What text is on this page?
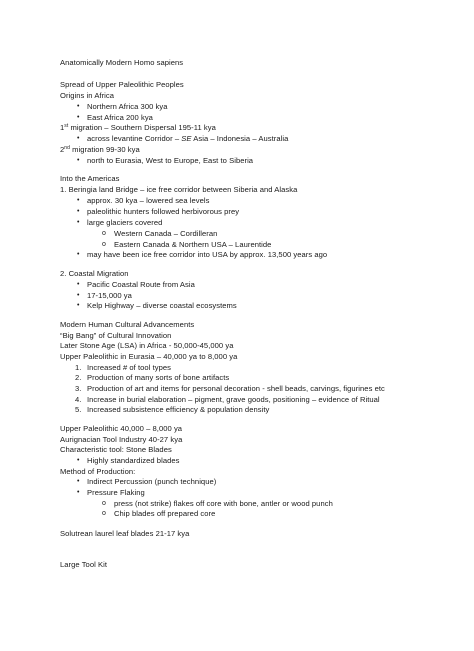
Anatomically Modern Homo sapiens
Spread of Upper Paleolithic Peoples
Origins in Africa
• Northern Africa 300 kya
• East Africa 200 kya
1st migration – Southern Dispersal 195-11 kya
• across levantine Corridor – SE Asia – Indonesia – Australia
2nd migration 99-30 kya
• north to Eurasia, West to Europe, East to Siberia
Into the Americas
1. Beringia land Bridge – ice free corridor between Siberia and Alaska
• approx. 30 kya – lowered sea levels
• paleolithic hunters followed herbivorous prey
• large glaciers covered
o Western Canada – Cordilleran
o Eastern Canada & Northern USA – Laurentide
• may have been ice free corridor into USA by approx. 13,500 years ago
2. Coastal Migration
• Pacific Coastal Route from Asia
• 17-15,000 ya
• Kelp Highway – diverse coastal ecosystems
Modern Human Cultural Advancements
“Big Bang” of Cultural Innovation
Later Stone Age (LSA) in Africa - 50,000-45,000 ya
Upper Paleolithic in Eurasia – 40,000 ya to 8,000 ya
1. Increased # of tool types
2. Production of many sorts of bone artifacts
3. Production of art and items for personal decoration - shell beads, carvings, figurines etc
4. Increase in burial elaboration – pigment, grave goods, positioning – evidence of Ritual
5. Increased subsistence efficiency & population density
Upper Paleolithic 40,000 – 8,000 ya
Aurignacian Tool Industry 40-27 kya
Characteristic tool: Stone Blades
• Highly standardized blades
Method of Production:
• Indirect Percussion (punch technique)
• Pressure Flaking
o press (not strike) flakes off core with bone, antler or wood punch
o Chip blades off prepared core
Solutrean laurel leaf blades 21-17 kya
Large Tool Kit
